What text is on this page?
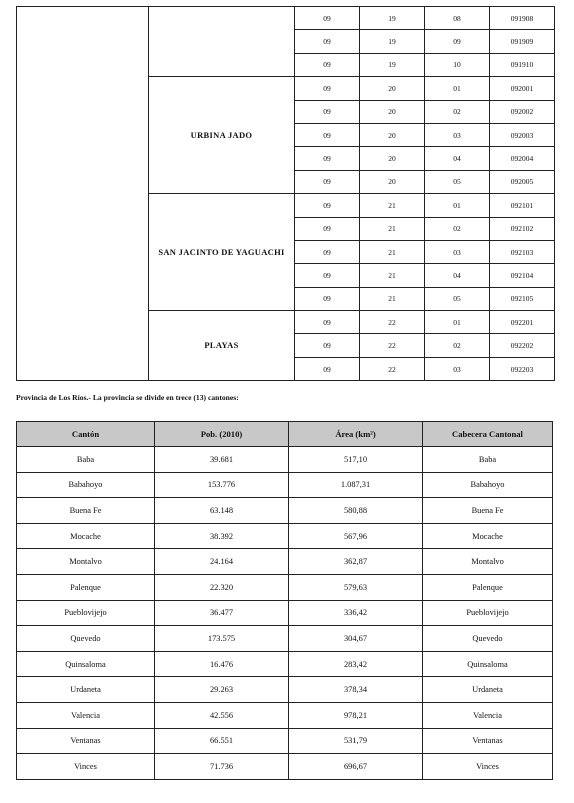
		09	19	08	091908
		09	19	09	091909
		09	19	10	091910
	URBINA JADO	09	20	01	092001
		09	20	02	092002
		09	20	03	092003
		09	20	04	092004
		09	20	05	092005
	SAN JACINTO DE YAGUACHI	09	21	01	092101
		09	21	02	092102
		09	21	03	092103
		09	21	04	092104
		09	21	05	092105
	PLAYAS	09	22	01	092201
		09	22	02	092202
		09	22	03	092203
Provincia de Los Ríos.- La provincia se divide en trece (13) cantones:
Cantón	Pob. (2010)	Área (km²)	Cabecera Cantonal
Baba	39.681	517,10	Baba
Babahoyo	153.776	1.087,31	Babahoyo
Buena Fe	63.148	580,88	Buena Fe
Mocache	38.392	567,96	Mocache
Montalvo	24.164	362,87	Montalvo
Palenque	22.320	579,63	Palenque
Pueblovijejo	36.477	336,42	Pueblovijejo
Quevedo	173.575	304,67	Quevedo
Quinsaloma	16.476	283,42	Quinsaloma
Urdaneta	29.263	378,34	Urdaneta
Valencia	42.556	978,21	Valencia
Ventanas	66.551	531,79	Ventanas
Vinces	71.736	696,67	Vinces
